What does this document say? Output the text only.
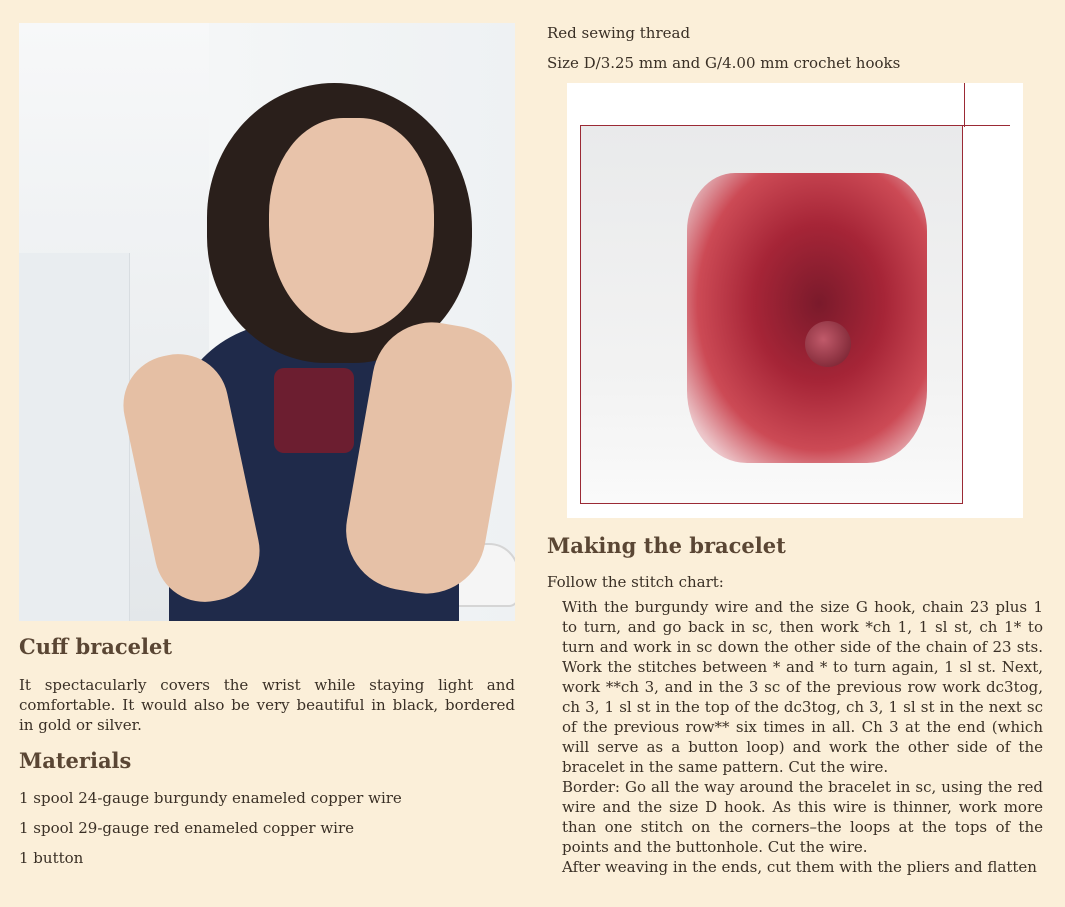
Cuff bracelet

It spectacularly covers the wrist while staying light and comfortable. It would also be very beautiful in black, bordered in gold or silver.

Materials

1 spool 24-gauge burgundy enameled copper wire

1 spool 29-gauge red enameled copper wire

1 button

Red sewing thread

Size D/3.25 mm and G/4.00 mm crochet hooks

Making the bracelet

Follow the stitch chart:

With the burgundy wire and the size G hook, chain 23 plus 1 to turn, and go back in sc, then work *ch 1, 1 sl st, ch 1* to turn and work in sc down the other side of the chain of 23 sts. Work the stitches between * and * to turn again, 1 sl st. Next, work **ch 3, and in the 3 sc of the previous row work dc3tog, ch 3, 1 sl st in the top of the dc3tog, ch 3, 1 sl st in the next sc of the previous row** six times in all. Ch 3 at the end (which will serve as a button loop) and work the other side of the bracelet in the same pattern. Cut the wire.

Border: Go all the way around the bracelet in sc, using the red wire and the size D hook. As this wire is thinner, work more than one stitch on the corners–the loops at the tops of the points and the buttonhole. Cut the wire.

After weaving in the ends, cut them with the pliers and flatten
